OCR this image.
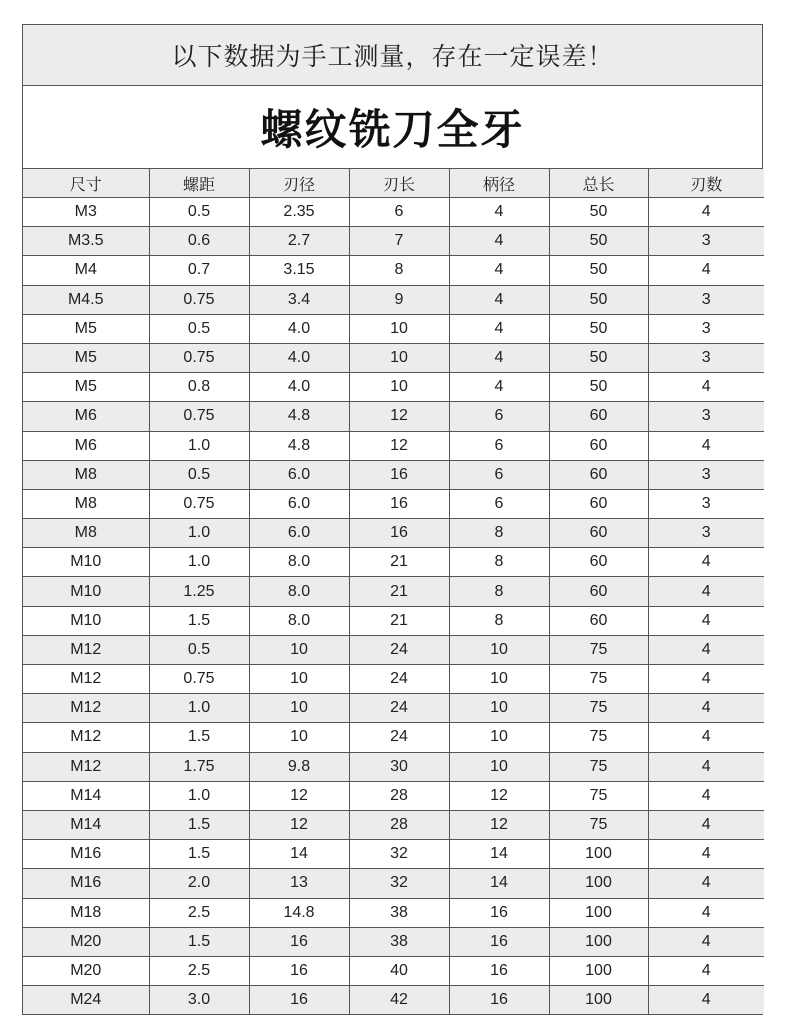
以下数据为手工测量，存在一定误差！
螺纹铣刀全牙
尺寸	螺距	刃径	刃长	柄径	总长	刃数
M3	0.5	2.35	6	4	50	4
M3.5	0.6	2.7	7	4	50	3
M4	0.7	3.15	8	4	50	4
M4.5	0.75	3.4	9	4	50	3
M5	0.5	4.0	10	4	50	3
M5	0.75	4.0	10	4	50	3
M5	0.8	4.0	10	4	50	4
M6	0.75	4.8	12	6	60	3
M6	1.0	4.8	12	6	60	4
M8	0.5	6.0	16	6	60	3
M8	0.75	6.0	16	6	60	3
M8	1.0	6.0	16	8	60	3
M10	1.0	8.0	21	8	60	4
M10	1.25	8.0	21	8	60	4
M10	1.5	8.0	21	8	60	4
M12	0.5	10	24	10	75	4
M12	0.75	10	24	10	75	4
M12	1.0	10	24	10	75	4
M12	1.5	10	24	10	75	4
M12	1.75	9.8	30	10	75	4
M14	1.0	12	28	12	75	4
M14	1.5	12	28	12	75	4
M16	1.5	14	32	14	100	4
M16	2.0	13	32	14	100	4
M18	2.5	14.8	38	16	100	4
M20	1.5	16	38	16	100	4
M20	2.5	16	40	16	100	4
M24	3.0	16	42	16	100	4
